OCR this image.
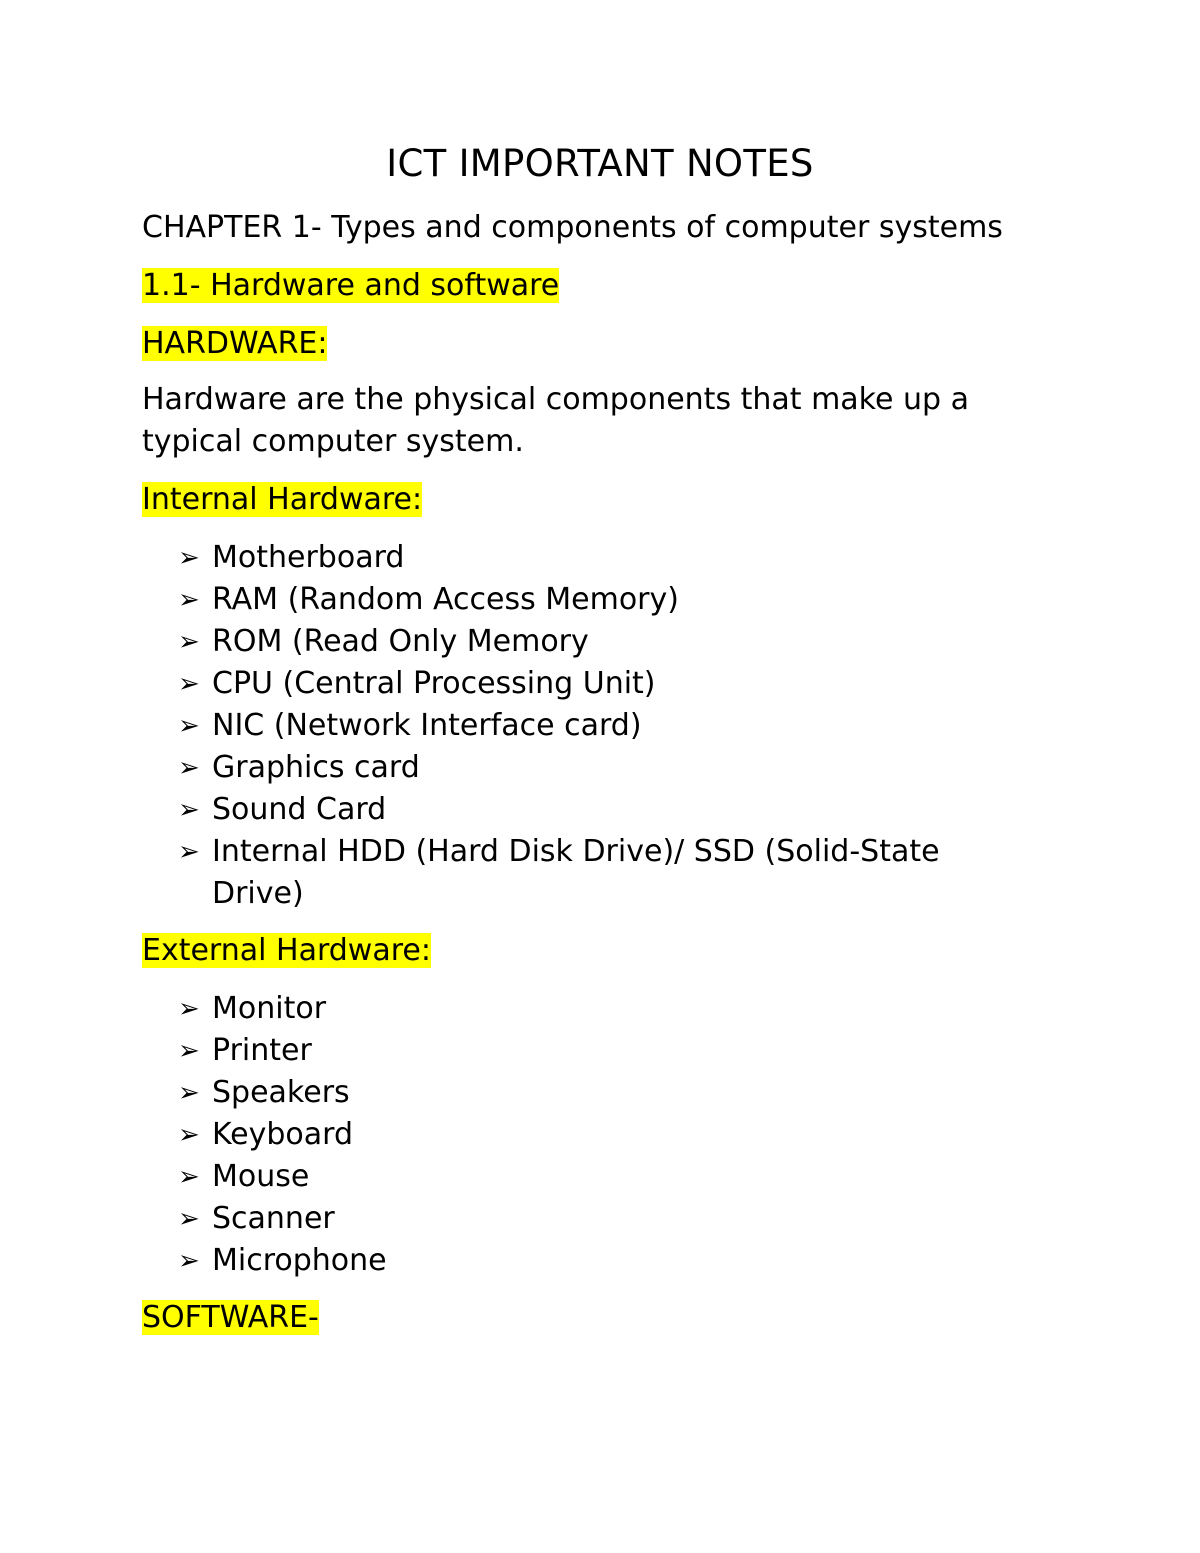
ICT IMPORTANT NOTES
CHAPTER 1- Types and components of computer systems
1.1- Hardware and software
HARDWARE:
Hardware are the physical components that make up a typical computer system.
Internal Hardware:
➢ Motherboard
➢ RAM (Random Access Memory)
➢ ROM (Read Only Memory
➢ CPU (Central Processing Unit)
➢ NIC (Network Interface card)
➢ Graphics card
➢ Sound Card
➢ Internal HDD (Hard Disk Drive)/ SSD (Solid-State Drive)
External Hardware:
➢ Monitor
➢ Printer
➢ Speakers
➢ Keyboard
➢ Mouse
➢ Scanner
➢ Microphone
SOFTWARE-
